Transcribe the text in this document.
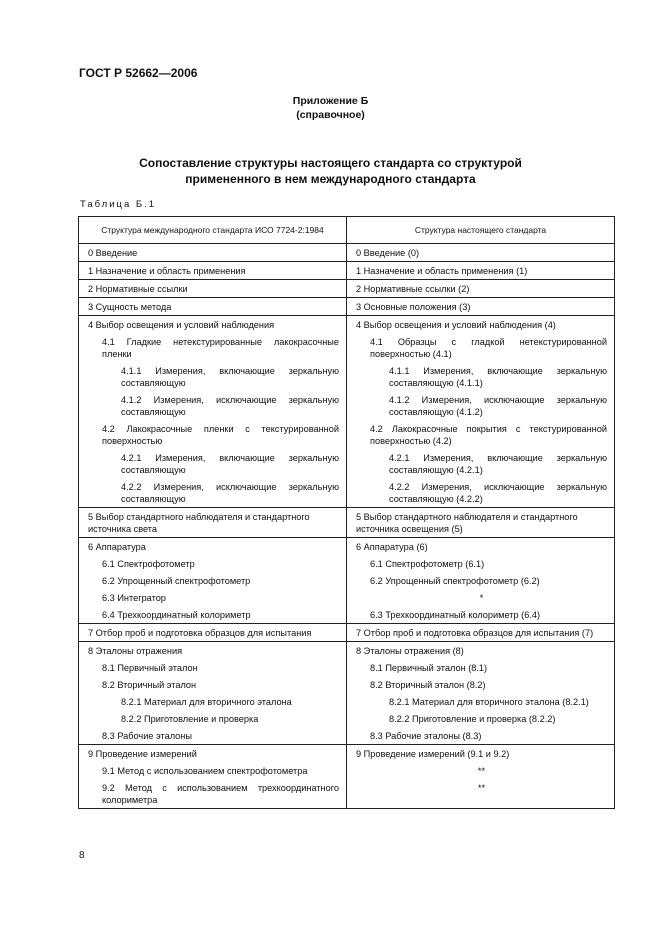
ГОСТ Р 52662—2006
Приложение Б
(справочное)
Сопоставление структуры настоящего стандарта со структурой
примененного в нем международного стандарта
Таблица Б.1
Структура международного стандарта ИСО 7724-2:1984	Структура настоящего стандарта

0 Введение	0 Введение (0)

1 Назначение и область применения	1 Назначение и область применения (1)

2 Нормативные ссылки	2 Нормативные ссылки (2)

3 Сущность метода	3 Основные положения (3)

4 Выбор освещения и условий наблюдения	4 Выбор освещения и условий наблюдения (4)

4.1 Гладкие нетекстурированные лакокрасочные пленки	4.1 Образцы с гладкой нетекстурированной поверхностью (4.1)

4.1.1 Измерения, включающие зеркальную составляющую	4.1.1 Измерения, включающие зеркальную составляющую (4.1.1)

4.1.2 Измерения, исключающие зеркальную составляющую	4.1.2 Измерения, исключающие зеркальную составляющую (4.1.2)

4.2 Лакокрасочные пленки с текстурированной поверхностью	4.2 Лакокрасочные покрытия с текстурированной поверхностью (4.2)

4.2.1 Измерения, включающие зеркальную составляющую	4.2.1 Измерения, включающие зеркальную составляющую (4.2.1)

4.2.2 Измерения, исключающие зеркальную составляющую	4.2.2 Измерения, исключающие зеркальную составляющую (4.2.2)

5 Выбор стандартного наблюдателя и стандартного источника света	5 Выбор стандартного наблюдателя и стандартного источника освещения (5)

6 Аппаратура	6 Аппаратура (6)

6.1 Спектрофотометр	6.1 Спектрофотометр (6.1)

6.2 Упрощенный спектрофотометр	6.2 Упрощенный спектрофотометр (6.2)

6.3 Интегратор	*

6.4 Трехкоординатный колориметр	6.3 Трехкоординатный колориметр (6.4)

7 Отбор проб и подготовка образцов для испытания	7 Отбор проб и подготовка образцов для испытания (7)

8 Эталоны отражения	8 Эталоны отражения (8)

8.1 Первичный эталон	8.1 Первичный эталон (8.1)

8.2 Вторичный эталон	8.2 Вторичный эталон (8.2)

8.2.1 Материал для вторичного эталона	8.2.1 Материал для вторичного эталона (8.2.1)

8.2.2 Приготовление и проверка	8.2.2 Приготовление и проверка (8.2.2)

8.3 Рабочие эталоны	8.3 Рабочие эталоны (8.3)

9 Проведение измерений	9 Проведение измерений (9.1 и 9.2)

9.1 Метод с использованием спектрофотометра	**

9.2 Метод с использованием трехкоординатного колориметра	**
8
